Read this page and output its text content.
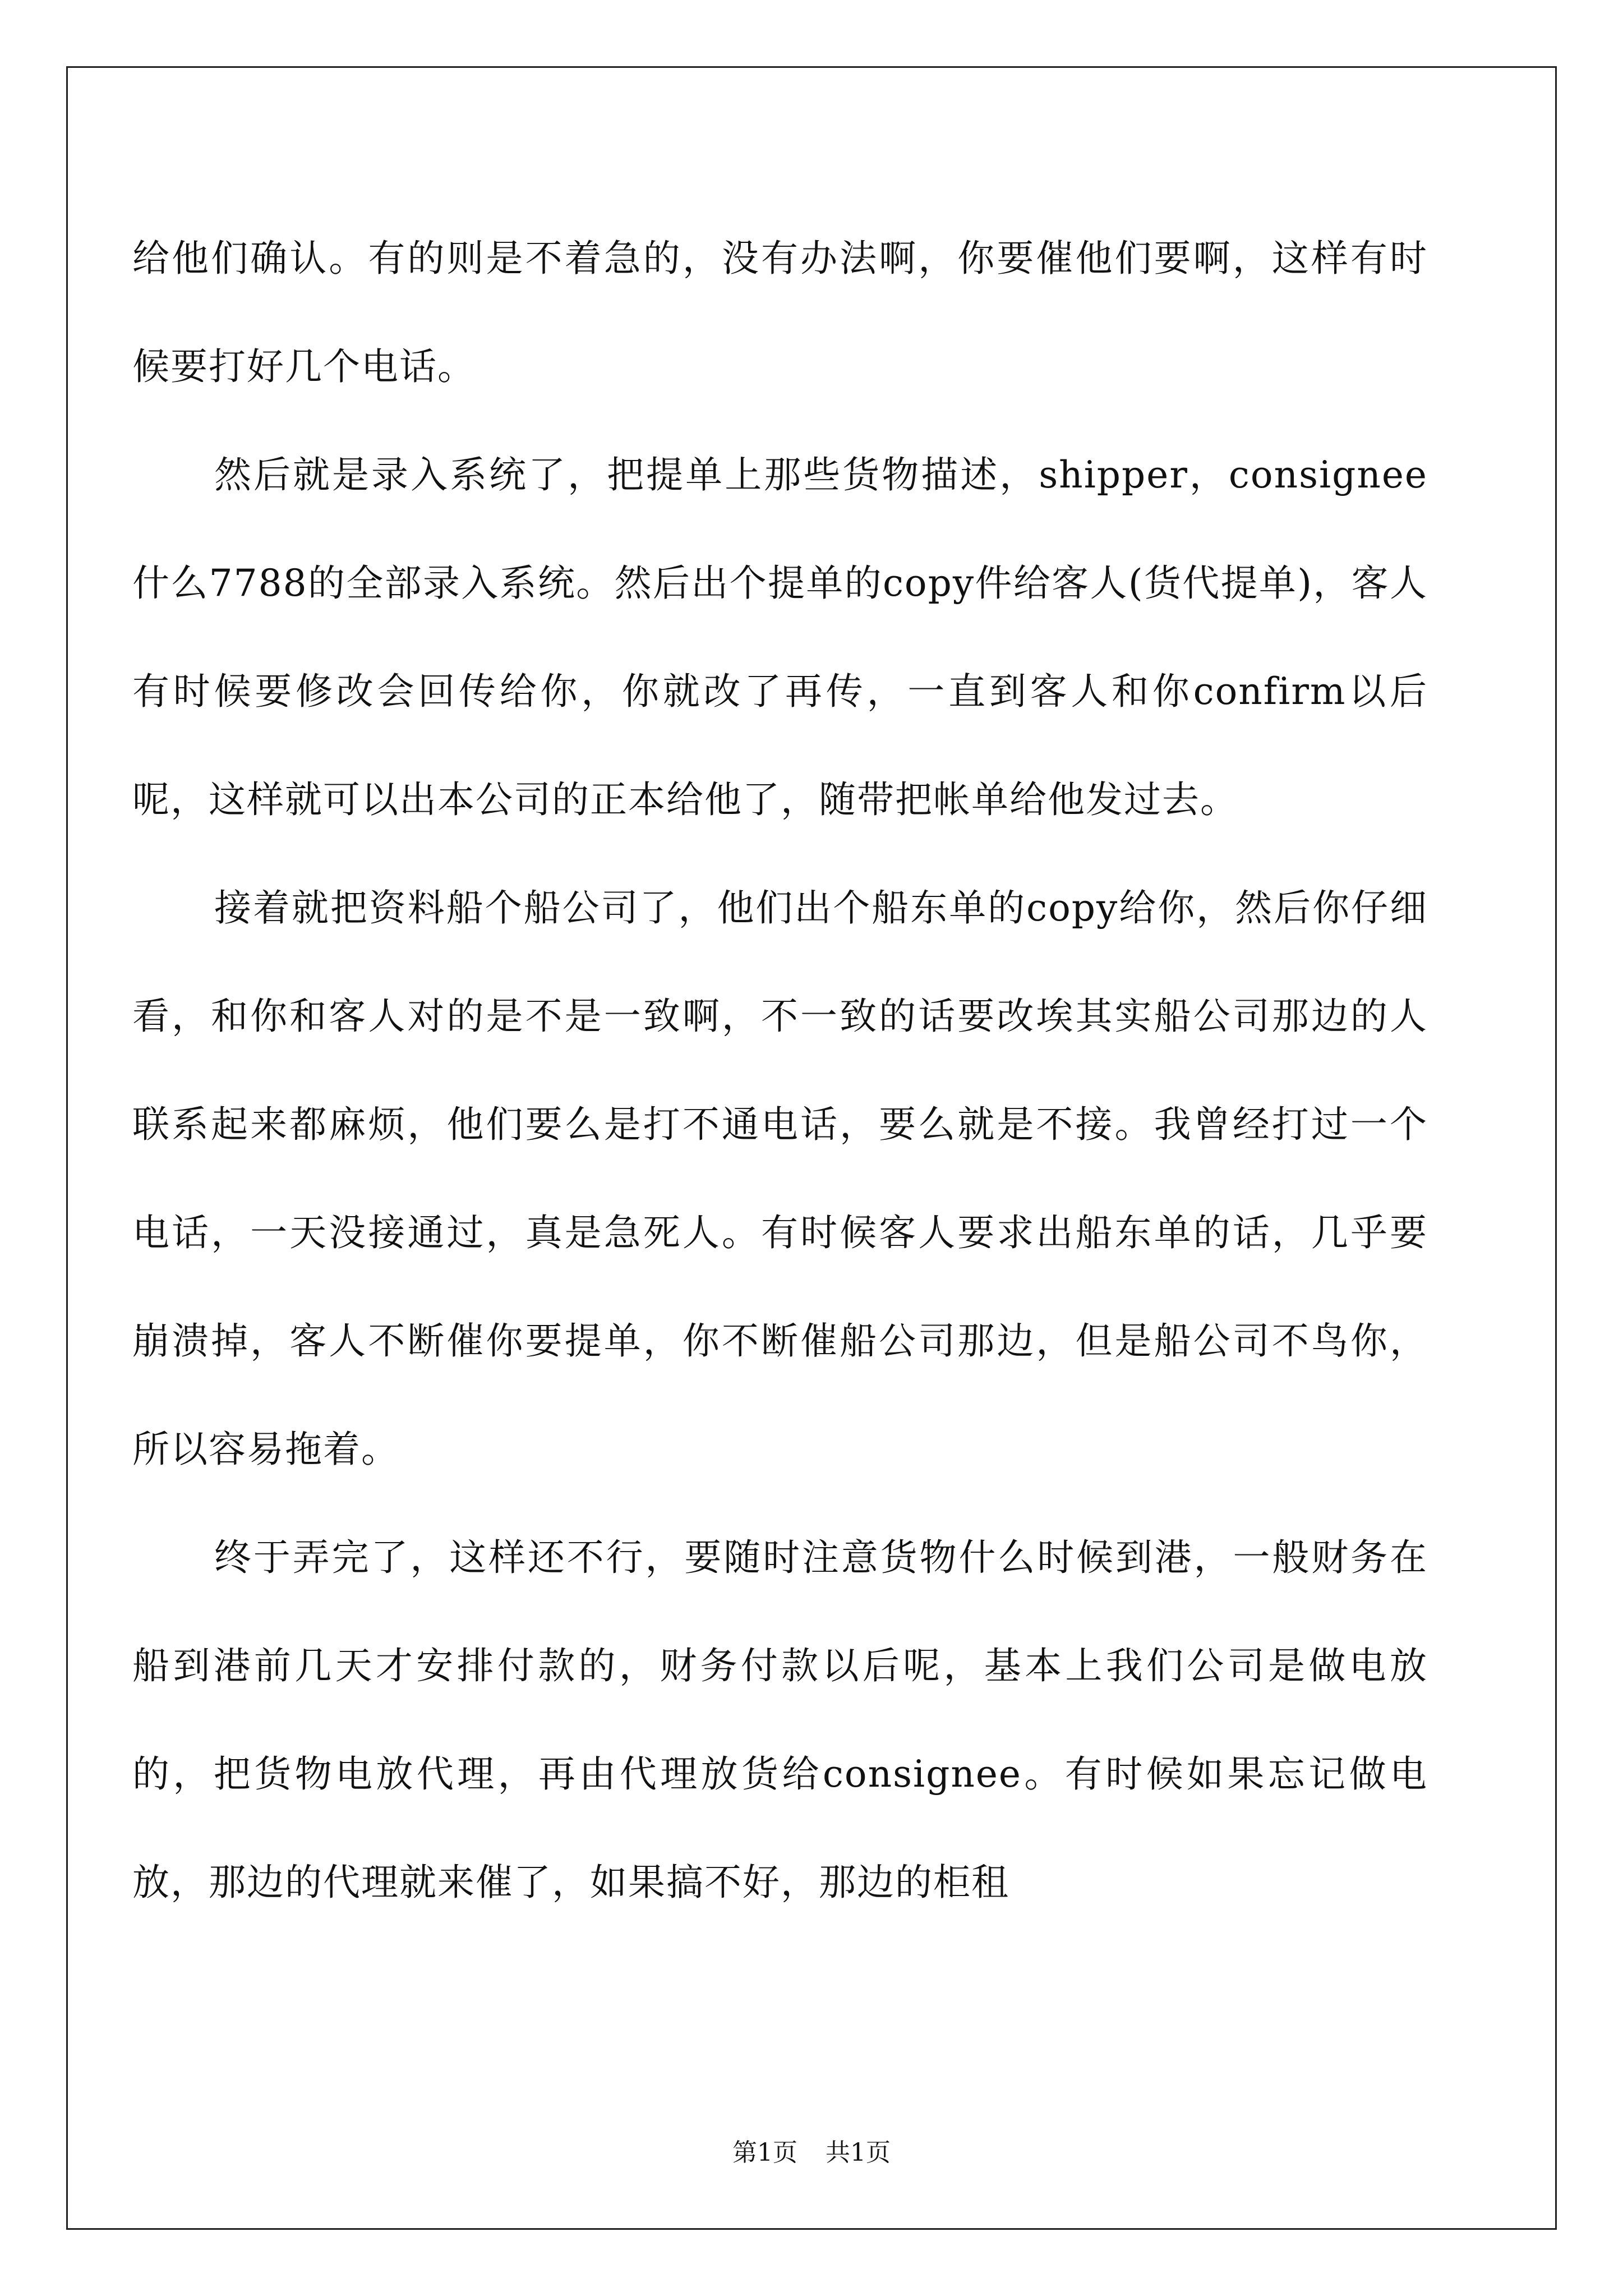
给他们确认。有的则是不着急的，没有办法啊，你要催他们要啊，这样有时候要打好几个电话。

然后就是录入系统了，把提单上那些货物描述，shipper，consignee什么7788的全部录入系统。然后出个提单的copy件给客人(货代提单)，客人有时候要修改会回传给你，你就改了再传，一直到客人和你confirm以后呢，这样就可以出本公司的正本给他了，随带把帐单给他发过去。

接着就把资料船个船公司了，他们出个船东单的copy给你，然后你仔细看，和你和客人对的是不是一致啊，不一致的话要改埃其实船公司那边的人联系起来都麻烦，他们要么是打不通电话，要么就是不接。我曾经打过一个电话，一天没接通过，真是急死人。有时候客人要求出船东单的话，几乎要崩溃掉，客人不断催你要提单，你不断催船公司那边，但是船公司不鸟你，所以容易拖着。

终于弄完了，这样还不行，要随时注意货物什么时候到港，一般财务在船到港前几天才安排付款的，财务付款以后呢，基本上我们公司是做电放的，把货物电放代理，再由代理放货给consignee。有时候如果忘记做电放，那边的代理就来催了，如果搞不好，那边的柜租

第1页 共1页
